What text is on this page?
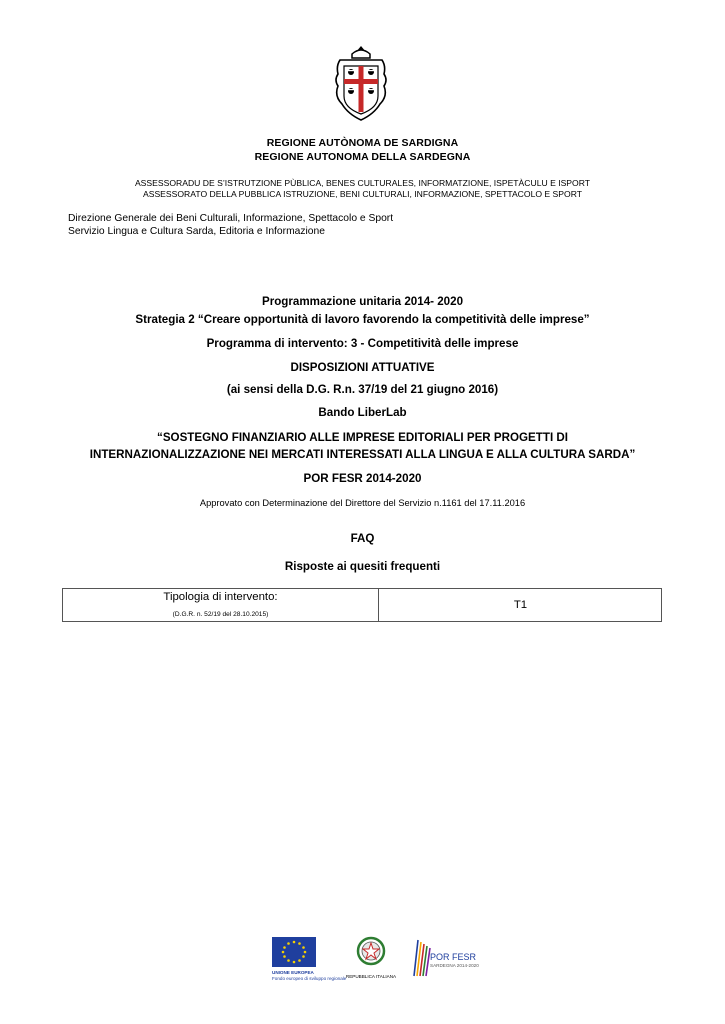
REGIONE AUTÒNOMA DE SARDIGNA
REGIONE AUTONOMA DELLA SARDEGNA
ASSESSORADU DE S’ISTRUTZIONE PÙBLICA, BENES CULTURALES, INFORMATZIONE, ISPETÀCULU E ISPORT
ASSESSORATO DELLA PUBBLICA ISTRUZIONE, BENI CULTURALI, INFORMAZIONE, SPETTACOLO E SPORT
Direzione Generale dei Beni Culturali, Informazione, Spettacolo e Sport
Servizio Lingua e Cultura Sarda, Editoria e Informazione
Programmazione unitaria 2014- 2020
Strategia 2 “Creare opportunità di lavoro favorendo la competitività delle imprese”
Programma di intervento: 3 - Competitività delle imprese
DISPOSIZIONI ATTUATIVE
(ai sensi della D.G. R.n. 37/19 del 21 giugno 2016)
Bando LiberLab
“SOSTEGNO FINANZIARIO ALLE IMPRESE EDITORIALI PER PROGETTI DI
INTERNAZIONALIZZAZIONE NEI MERCATI INTERESSATI ALLA LINGUA E ALLA CULTURA SARDA”
POR FESR 2014-2020
Approvato con Determinazione del Direttore del Servizio n.1161 del 17.11.2016
FAQ
Risposte ai quesiti frequenti
Tipologia di intervento:
(D.G.R. n. 52/19 del 28.10.2015)
T1
UNIONE EUROPEA
Fondo europeo di sviluppo regionale REPUBBLICA ITALIANA
POR FESR
SARDEGNA 2014-2020
